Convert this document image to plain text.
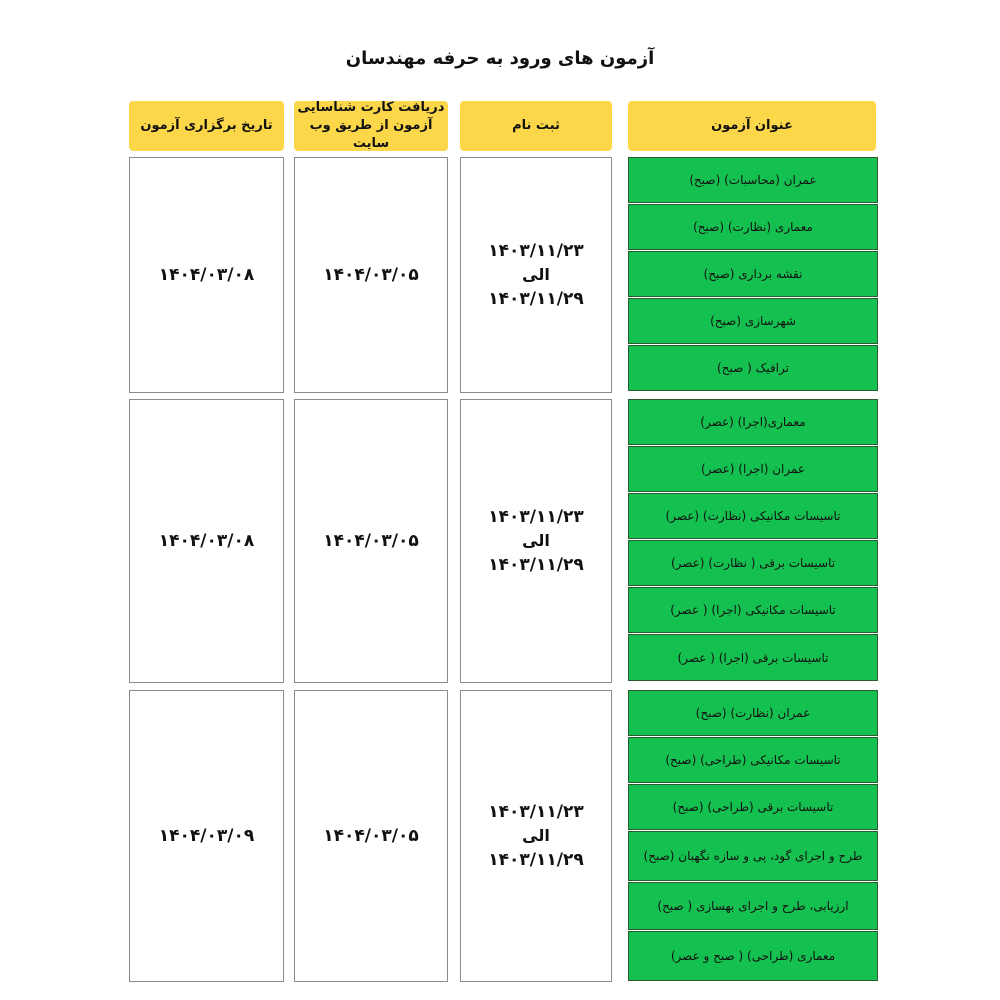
آزمون های ورود به حرفه مهندسان
عنوان آزمون
ثبت نام
دریافت کارت شناسایی
آزمون از طریق وب سایت
تاریخ برگزاری آزمون
۱۴۰۳/۱۱/۲۳
الی
۱۴۰۳/۱۱/۲۹
۱۴۰۴/۰۳/۰۵
۱۴۰۴/۰۳/۰۸
عمران (محاسبات) (صبح)
معماری (نظارت) (صبح)
نقشه برداری (صبح)
شهرسازی (صبح)
ترافیک ( صبح)
۱۴۰۳/۱۱/۲۳
الی
۱۴۰۳/۱۱/۲۹
۱۴۰۴/۰۳/۰۵
۱۴۰۴/۰۳/۰۸
معماری(اجرا) (عصر)
عمران (اجرا) (عصر)
تاسیسات مکانیکی (نظارت) (عصر)
تاسیسات برقی ( نظارت) (عصر)
تاسیسات مکانیکی (اجرا) ( عصر)
تاسیسات برقی (اجرا) ( عصر)
۱۴۰۳/۱۱/۲۳
الی
۱۴۰۳/۱۱/۲۹
۱۴۰۴/۰۳/۰۵
۱۴۰۴/۰۳/۰۹
عمران (نظارت) (صبح)
تاسیسات مکانیکی (طراحی) (صبح)
تاسیسات برقی (طراحی) (صبح)
طرح و اجرای گود، پی و سازه نگهبان (صبح)
ارزیابی، طرح و اجرای بهسازی ( صبح)
معماری (طراحی) ( صبح و عصر)
